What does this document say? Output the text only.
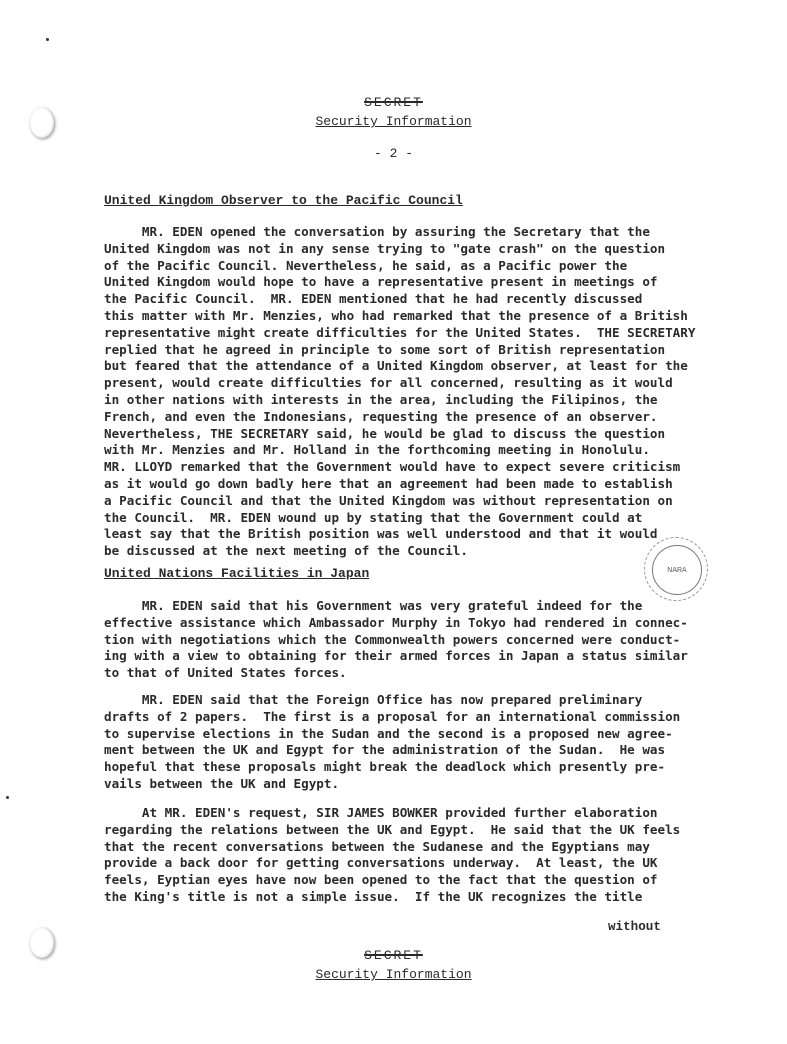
SECRET
Security Information
- 2 -
United Kingdom Observer to the Pacific Council
MR. EDEN opened the conversation by assuring the Secretary that the
United Kingdom was not in any sense trying to "gate crash" on the question
of the Pacific Council. Nevertheless, he said, as a Pacific power the
United Kingdom would hope to have a representative present in meetings of
the Pacific Council.  MR. EDEN mentioned that he had recently discussed
this matter with Mr. Menzies, who had remarked that the presence of a British
representative might create difficulties for the United States.  THE SECRETARY
replied that he agreed in principle to some sort of British representation
but feared that the attendance of a United Kingdom observer, at least for the
present, would create difficulties for all concerned, resulting as it would
in other nations with interests in the area, including the Filipinos, the
French, and even the Indonesians, requesting the presence of an observer.
Nevertheless, THE SECRETARY said, he would be glad to discuss the question
with Mr. Menzies and Mr. Holland in the forthcoming meeting in Honolulu.
MR. LLOYD remarked that the Government would have to expect severe criticism
as it would go down badly here that an agreement had been made to establish
a Pacific Council and that the United Kingdom was without representation on
the Council.  MR. EDEN wound up by stating that the Government could at
least say that the British position was well understood and that it would
be discussed at the next meeting of the Council.
NARA
United Nations Facilities in Japan
MR. EDEN said that his Government was very grateful indeed for the
effective assistance which Ambassador Murphy in Tokyo had rendered in connec-
tion with negotiations which the Commonwealth powers concerned were conduct-
ing with a view to obtaining for their armed forces in Japan a status similar
to that of United States forces.
MR. EDEN said that the Foreign Office has now prepared preliminary
drafts of 2 papers.  The first is a proposal for an international commission
to supervise elections in the Sudan and the second is a proposed new agree-
ment between the UK and Egypt for the administration of the Sudan.  He was
hopeful that these proposals might break the deadlock which presently pre-
vails between the UK and Egypt.
At MR. EDEN's request, SIR JAMES BOWKER provided further elaboration
regarding the relations between the UK and Egypt.  He said that the UK feels
that the recent conversations between the Sudanese and the Egyptians may
provide a back door for getting conversations underway.  At least, the UK
feels, Eyptian eyes have now been opened to the fact that the question of
the King's title is not a simple issue.  If the UK recognizes the title
without
SECRET
Security Information
